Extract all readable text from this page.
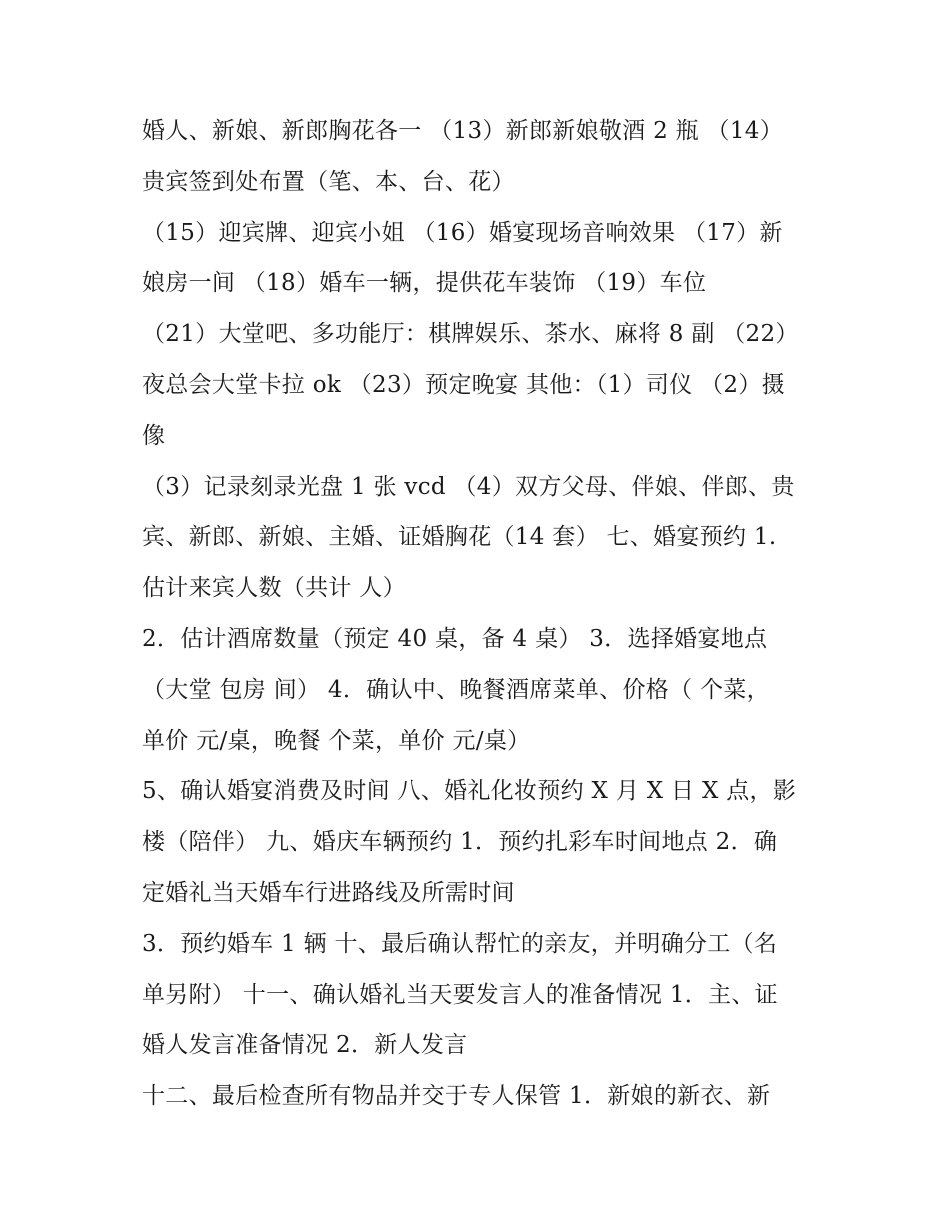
婚人、新娘、新郎胸花各一 （13）新郎新娘敬酒 2 瓶 （14）
贵宾签到处布置（笔、本、台、花）
（15）迎宾牌、迎宾小姐 （16）婚宴现场音响效果 （17）新
娘房一间 （18）婚车一辆，提供花车装饰 （19）车位
（21）大堂吧、多功能厅：棋牌娱乐、茶水、麻将 8 副 （22）
夜总会大堂卡拉 ok （23）预定晚宴 其他：（1）司仪 （2）摄
像
（3）记录刻录光盘 1 张 vcd （4）双方父母、伴娘、伴郎、贵
宾、新郎、新娘、主婚、证婚胸花（14 套） 七、婚宴预约 1.
估计来宾人数（共计 人）
2．估计酒席数量（预定 40 桌，备 4 桌） 3．选择婚宴地点
（大堂 包房 间） 4．确认中、晚餐酒席菜单、价格（ 个菜，
单价 元/桌，晚餐 个菜，单价 元/桌）
5、确认婚宴消费及时间 八、婚礼化妆预约 X 月 X 日 X 点，影
楼（陪伴） 九、婚庆车辆预约 1．预约扎彩车时间地点 2．确
定婚礼当天婚车行进路线及所需时间
3．预约婚车 1 辆 十、最后确认帮忙的亲友，并明确分工（名
单另附） 十一、确认婚礼当天要发言人的准备情况 1．主、证
婚人发言准备情况 2．新人发言
十二、最后检查所有物品并交于专人保管 1．新娘的新衣、新
